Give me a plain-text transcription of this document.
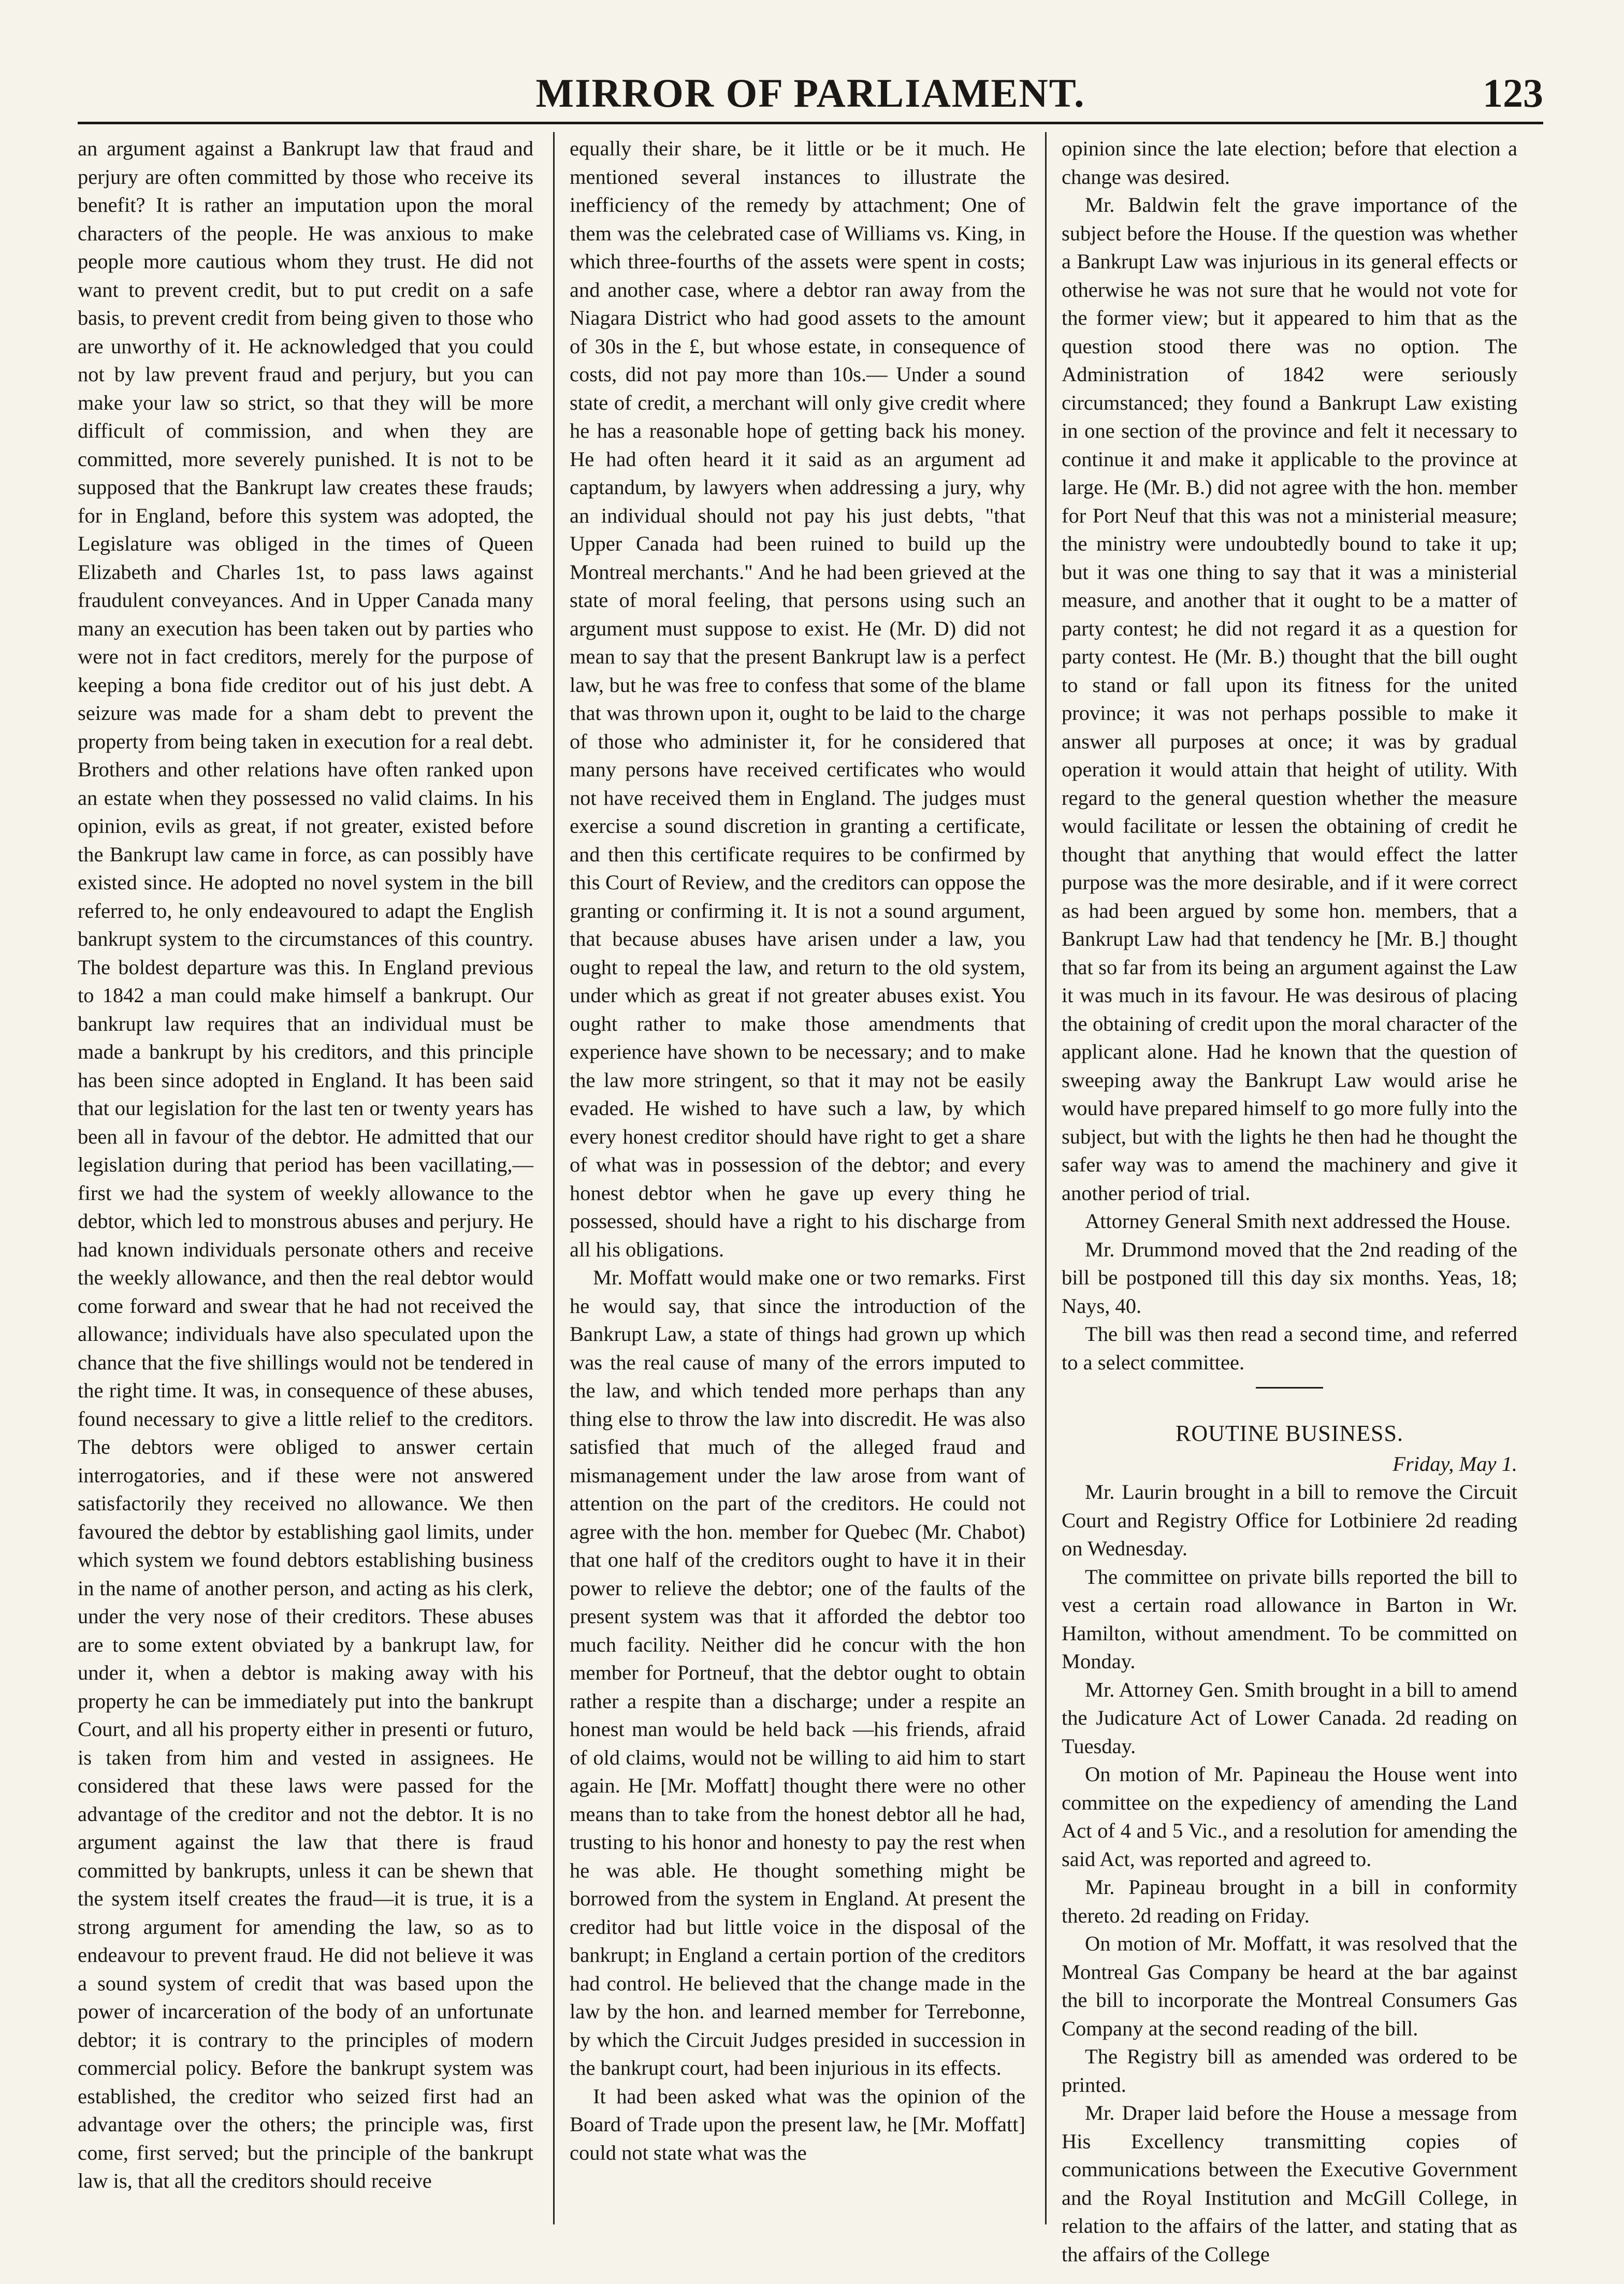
MIRROR OF PARLIAMENT.	123

an argument against a Bankrupt law that fraud and perjury are often committed by those who receive its benefit? It is rather an imputation upon the moral characters of the people. He was anxious to make people more cautious whom they trust. He did not want to prevent credit, but to put credit on a safe basis, to prevent credit from being given to those who are unworthy of it. He acknowledged that you could not by law prevent fraud and perjury, but you can make your law so strict, so that they will be more difficult of commission, and when they are committed, more severely punished. It is not to be supposed that the Bankrupt law creates these frauds; for in England, before this system was adopted, the Legislature was obliged in the times of Queen Elizabeth and Charles 1st, to pass laws against fraudulent conveyances. And in Upper Canada many many an execution has been taken out by parties who were not in fact creditors, merely for the purpose of keeping a bona fide creditor out of his just debt. A seizure was made for a sham debt to prevent the property from being taken in execution for a real debt. Brothers and other relations have often ranked upon an estate when they possessed no valid claims. In his opinion, evils as great, if not greater, existed before the Bankrupt law came in force, as can possibly have existed since. He adopted no novel system in the bill referred to, he only endeavoured to adapt the English bankrupt system to the circumstances of this country. The boldest departure was this. In England previous to 1842 a man could make himself a bankrupt. Our bankrupt law requires that an individual must be made a bankrupt by his creditors, and this principle has been since adopted in England. It has been said that our legislation for the last ten or twenty years has been all in favour of the debtor. He admitted that our legislation during that period has been vacillating,—first we had the system of weekly allowance to the debtor, which led to monstrous abuses and perjury. He had known individuals personate others and receive the weekly allowance, and then the real debtor would come forward and swear that he had not received the allowance; individuals have also speculated upon the chance that the five shillings would not be tendered in the right time. It was, in consequence of these abuses, found necessary to give a little relief to the creditors. The debtors were obliged to answer certain interrogatories, and if these were not answered satisfactorily they received no allowance. We then favoured the debtor by establishing gaol limits, under which system we found debtors establishing business in the name of another person, and acting as his clerk, under the very nose of their creditors. These abuses are to some extent obviated by a bankrupt law, for under it, when a debtor is making away with his property he can be immediately put into the bankrupt Court, and all his property either in presenti or futuro, is taken from him and vested in assignees. He considered that these laws were passed for the advantage of the creditor and not the debtor. It is no argument against the law that there is fraud committed by bankrupts, unless it can be shewn that the system itself creates the fraud—it is true, it is a strong argument for amending the law, so as to endeavour to prevent fraud. He did not believe it was a sound system of credit that was based upon the power of incarceration of the body of an unfortunate debtor; it is contrary to the principles of modern commercial policy. Before the bankrupt system was established, the creditor who seized first had an advantage over the others; the principle was, first come, first served; but the principle of the bankrupt law is, that all the creditors should receive

equally their share, be it little or be it much. He mentioned several instances to illustrate the inefficiency of the remedy by attachment; One of them was the celebrated case of Williams vs. King, in which three-fourths of the assets were spent in costs; and another case, where a debtor ran away from the Niagara District who had good assets to the amount of 30s in the £, but whose estate, in consequence of costs, did not pay more than 10s.— Under a sound state of credit, a merchant will only give credit where he has a reasonable hope of getting back his money. He had often heard it it said as an argument ad captandum, by lawyers when addressing a jury, why an individual should not pay his just debts, "that Upper Canada had been ruined to build up the Montreal merchants." And he had been grieved at the state of moral feeling, that persons using such an argument must suppose to exist. He (Mr. D) did not mean to say that the present Bankrupt law is a perfect law, but he was free to confess that some of the blame that was thrown upon it, ought to be laid to the charge of those who administer it, for he considered that many persons have received certificates who would not have received them in England. The judges must exercise a sound discretion in granting a certificate, and then this certificate requires to be confirmed by this Court of Review, and the creditors can oppose the granting or confirming it. It is not a sound argument, that because abuses have arisen under a law, you ought to repeal the law, and return to the old system, under which as great if not greater abuses exist. You ought rather to make those amendments that experience have shown to be necessary; and to make the law more stringent, so that it may not be easily evaded. He wished to have such a law, by which every honest creditor should have right to get a share of what was in possession of the debtor; and every honest debtor when he gave up every thing he possessed, should have a right to his discharge from all his obligations.

Mr. Moffatt would make one or two remarks. First he would say, that since the introduction of the Bankrupt Law, a state of things had grown up which was the real cause of many of the errors imputed to the law, and which tended more perhaps than any thing else to throw the law into discredit. He was also satisfied that much of the alleged fraud and mismanagement under the law arose from want of attention on the part of the creditors. He could not agree with the hon. member for Quebec (Mr. Chabot) that one half of the creditors ought to have it in their power to relieve the debtor; one of the faults of the present system was that it afforded the debtor too much facility. Neither did he concur with the hon member for Portneuf, that the debtor ought to obtain rather a respite than a discharge; under a respite an honest man would be held back —his friends, afraid of old claims, would not be willing to aid him to start again. He [Mr. Moffatt] thought there were no other means than to take from the honest debtor all he had, trusting to his honor and honesty to pay the rest when he was able. He thought something might be borrowed from the system in England. At present the creditor had but little voice in the disposal of the bankrupt; in England a certain portion of the creditors had control. He believed that the change made in the law by the hon. and learned member for Terrebonne, by which the Circuit Judges presided in succession in the bankrupt court, had been injurious in its effects.

It had been asked what was the opinion of the Board of Trade upon the present law, he [Mr. Moffatt] could not state what was the

opinion since the late election; before that election a change was desired.

Mr. Baldwin felt the grave importance of the subject before the House. If the question was whether a Bankrupt Law was injurious in its general effects or otherwise he was not sure that he would not vote for the former view; but it appeared to him that as the question stood there was no option. The Administration of 1842 were seriously circumstanced; they found a Bankrupt Law existing in one section of the province and felt it necessary to continue it and make it applicable to the province at large. He (Mr. B.) did not agree with the hon. member for Port Neuf that this was not a ministerial measure; the ministry were undoubtedly bound to take it up; but it was one thing to say that it was a ministerial measure, and another that it ought to be a matter of party contest; he did not regard it as a question for party contest. He (Mr. B.) thought that the bill ought to stand or fall upon its fitness for the united province; it was not perhaps possible to make it answer all purposes at once; it was by gradual operation it would attain that height of utility. With regard to the general question whether the measure would facilitate or lessen the obtaining of credit he thought that anything that would effect the latter purpose was the more desirable, and if it were correct as had been argued by some hon. members, that a Bankrupt Law had that tendency he [Mr. B.] thought that so far from its being an argument against the Law it was much in its favour. He was desirous of placing the obtaining of credit upon the moral character of the applicant alone. Had he known that the question of sweeping away the Bankrupt Law would arise he would have prepared himself to go more fully into the subject, but with the lights he then had he thought the safer way was to amend the machinery and give it another period of trial.

Attorney General Smith next addressed the House.

Mr. Drummond moved that the 2nd reading of the bill be postponed till this day six months. Yeas, 18; Nays, 40.

The bill was then read a second time, and referred to a select committee.

ROUTINE BUSINESS.

Friday, May 1.

Mr. Laurin brought in a bill to remove the Circuit Court and Registry Office for Lotbiniere 2d reading on Wednesday.

The committee on private bills reported the bill to vest a certain road allowance in Barton in Wr. Hamilton, without amendment. To be committed on Monday.

Mr. Attorney Gen. Smith brought in a bill to amend the Judicature Act of Lower Canada. 2d reading on Tuesday.

On motion of Mr. Papineau the House went into committee on the expediency of amending the Land Act of 4 and 5 Vic., and a resolution for amending the said Act, was reported and agreed to.

Mr. Papineau brought in a bill in conformity thereto. 2d reading on Friday.

On motion of Mr. Moffatt, it was resolved that the Montreal Gas Company be heard at the bar against the bill to incorporate the Montreal Consumers Gas Company at the second reading of the bill.

The Registry bill as amended was ordered to be printed.

Mr. Draper laid before the House a message from His Excellency transmitting copies of communications between the Executive Government and the Royal Institution and McGill College, in relation to the affairs of the latter, and stating that as the affairs of the College
